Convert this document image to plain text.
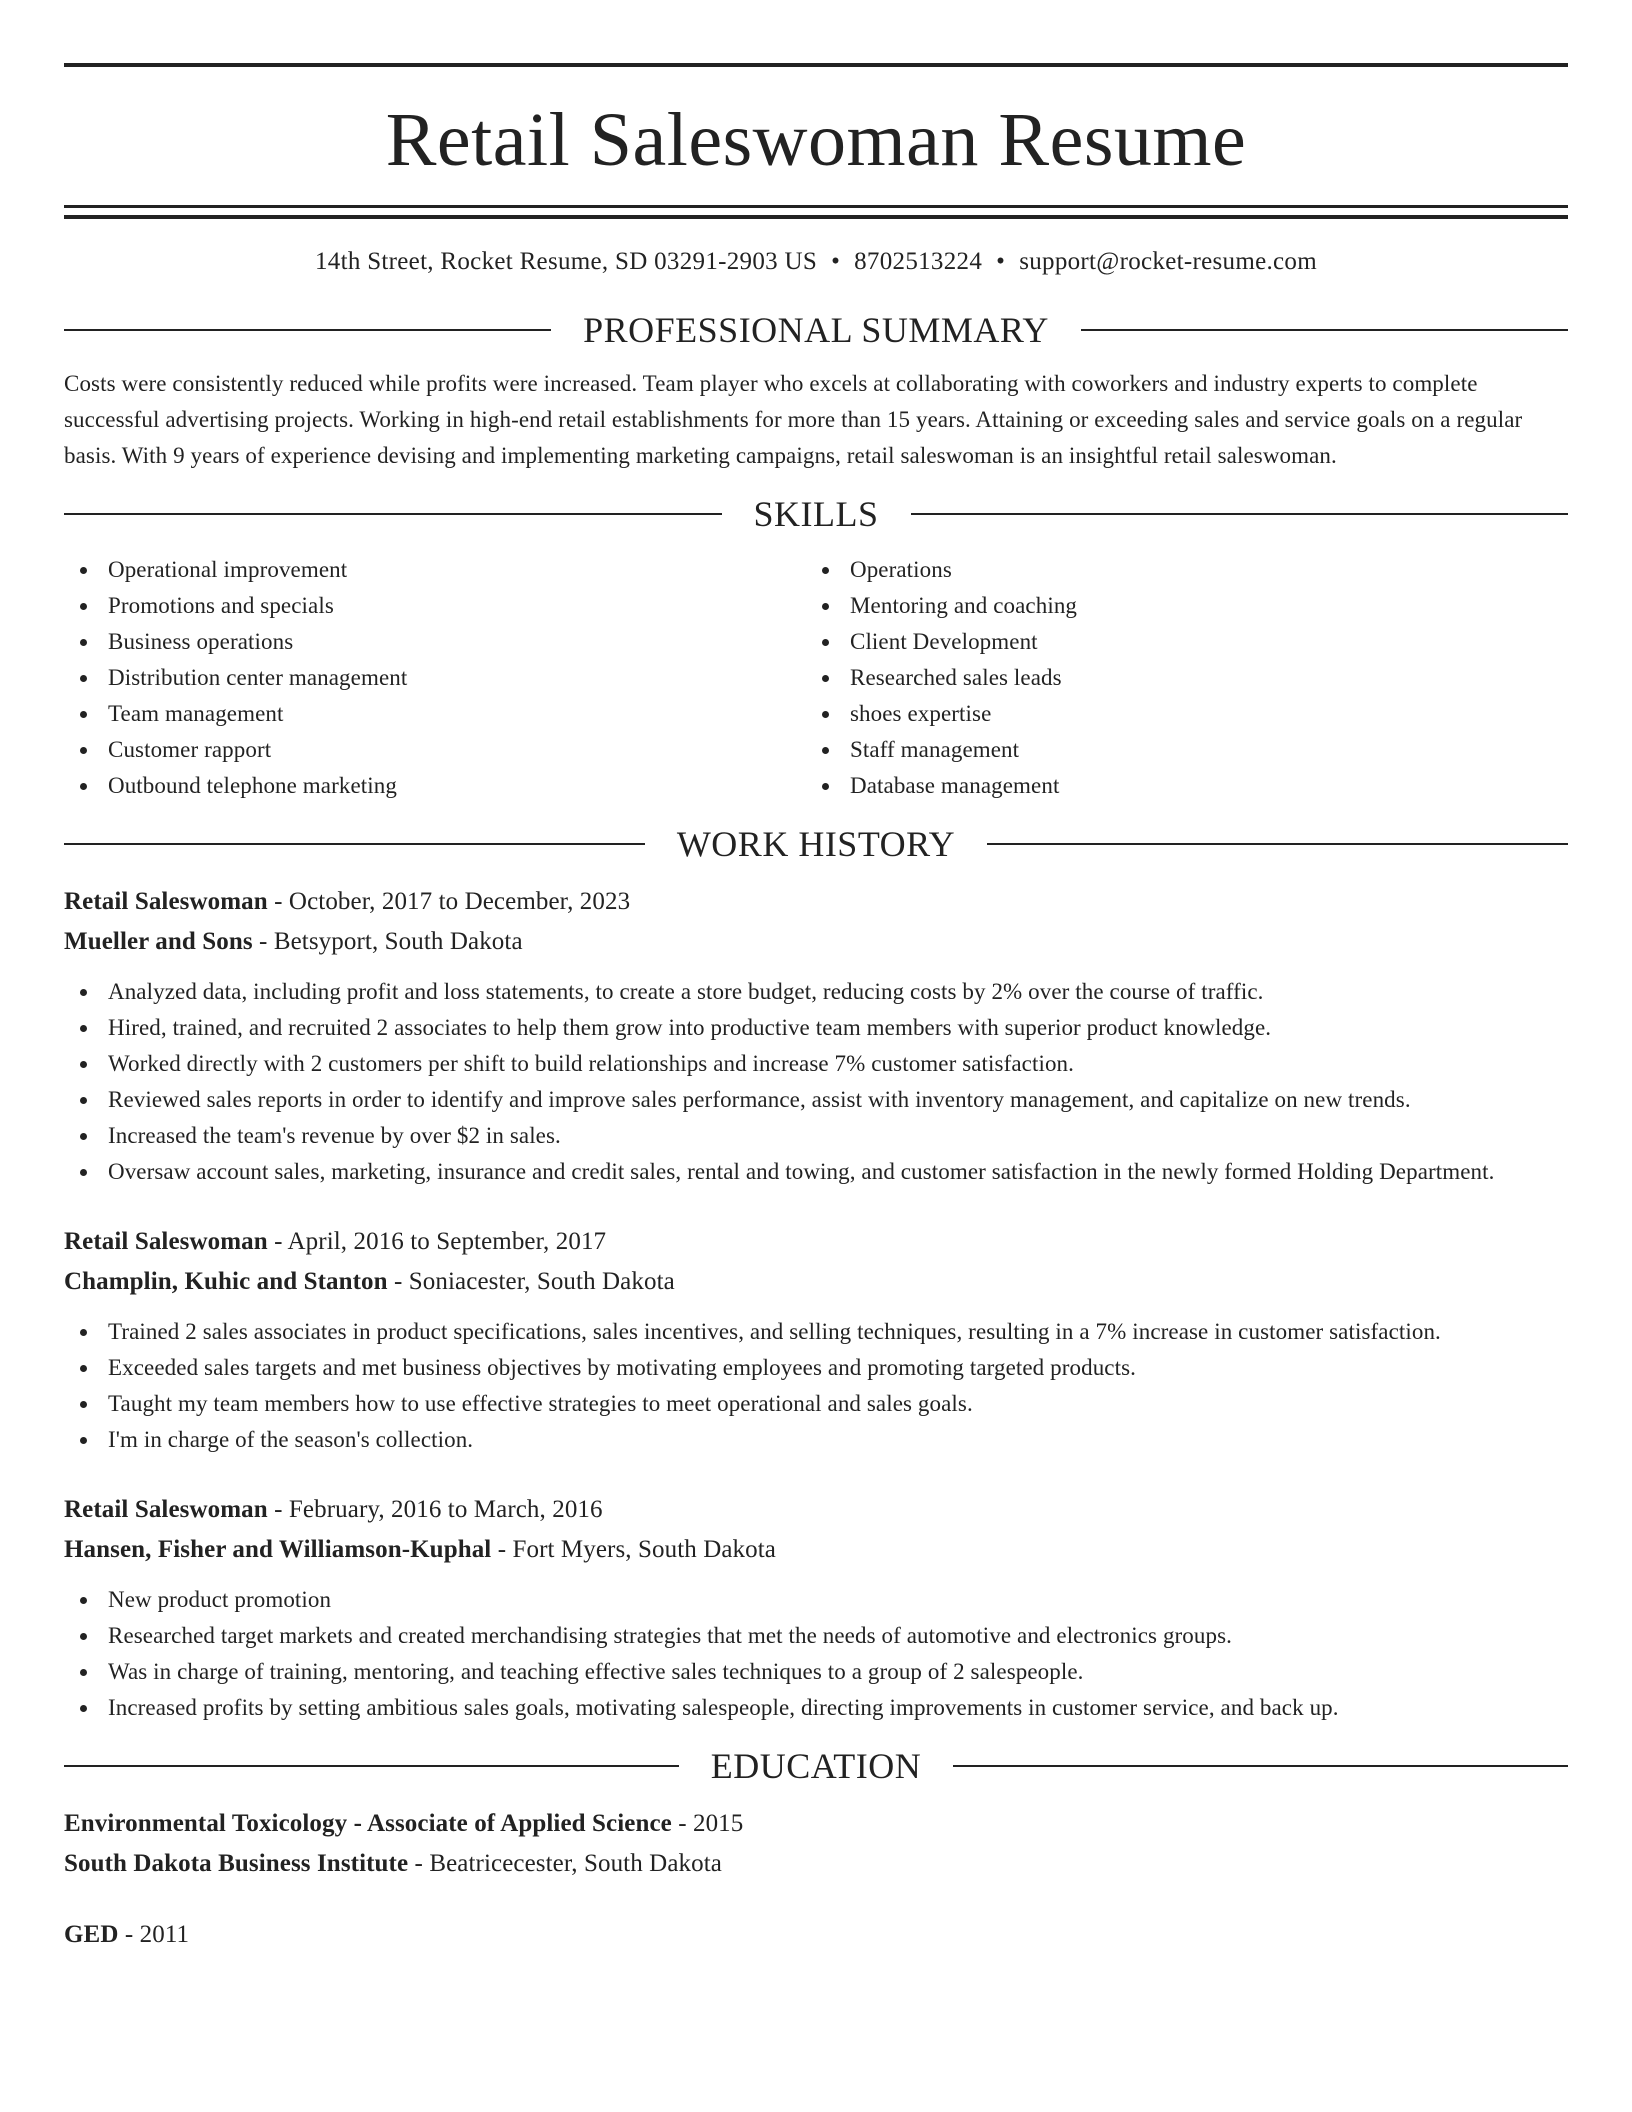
Retail Saleswoman Resume
14th Street, Rocket Resume, SD 03291-2903 US • 8702513224 • support@rocket-resume.com
PROFESSIONAL SUMMARY

Costs were consistently reduced while profits were increased. Team player who excels at collaborating with coworkers and industry experts to complete successful advertising projects. Working in high-end retail establishments for more than 15 years. Attaining or exceeding sales and service goals on a regular basis. With 9 years of experience devising and implementing marketing campaigns, retail saleswoman is an insightful retail saleswoman.

SKILLS
Operational improvement
Promotions and specials
Business operations
Distribution center management
Team management
Customer rapport
Outbound telephone marketing
Operations
Mentoring and coaching
Client Development
Researched sales leads
shoes expertise
Staff management
Database management
WORK HISTORY
Retail Saleswoman - October, 2017 to December, 2023
Mueller and Sons - Betsyport, South Dakota
Analyzed data, including profit and loss statements, to create a store budget, reducing costs by 2% over the course of traffic.
Hired, trained, and recruited 2 associates to help them grow into productive team members with superior product knowledge.
Worked directly with 2 customers per shift to build relationships and increase 7% customer satisfaction.
Reviewed sales reports in order to identify and improve sales performance, assist with inventory management, and capitalize on new trends.
Increased the team's revenue by over $2 in sales.
Oversaw account sales, marketing, insurance and credit sales, rental and towing, and customer satisfaction in the newly formed Holding Department.
Retail Saleswoman - April, 2016 to September, 2017
Champlin, Kuhic and Stanton - Soniacester, South Dakota
Trained 2 sales associates in product specifications, sales incentives, and selling techniques, resulting in a 7% increase in customer satisfaction.
Exceeded sales targets and met business objectives by motivating employees and promoting targeted products.
Taught my team members how to use effective strategies to meet operational and sales goals.
I'm in charge of the season's collection.
Retail Saleswoman - February, 2016 to March, 2016
Hansen, Fisher and Williamson-Kuphal - Fort Myers, South Dakota
New product promotion
Researched target markets and created merchandising strategies that met the needs of automotive and electronics groups.
Was in charge of training, mentoring, and teaching effective sales techniques to a group of 2 salespeople.
Increased profits by setting ambitious sales goals, motivating salespeople, directing improvements in customer service, and back up.
EDUCATION
Environmental Toxicology - Associate of Applied Science - 2015
South Dakota Business Institute - Beatricecester, South Dakota
GED - 2011
